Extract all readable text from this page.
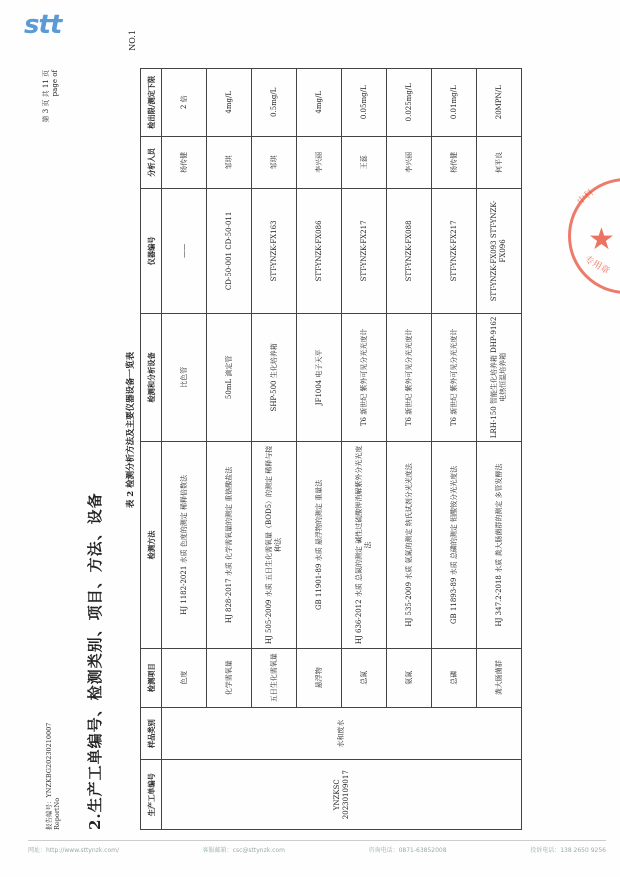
stt
报告编号：YNZKBG20230210007 ReportNo
第 3 页 共 11 页 page of
2.生产工单编号、检测类别、项目、方法、设备
表 2 检测分析方法及主要仪器设备一览表
NO.1
生产工单编号	样品类别	检测项目	检测方法	检测和分析设备	仪器编号	分析人员	检出限/测定下限
YNZKSC 20230109017	水和废水	色度	HJ 1182-2021 水质 色度的测定 稀释倍数法	比色管	——	杨传健	2 倍
		化学需氧量	HJ 828-2017 水质 化学需氧量的测定 重铬酸盐法	50mL 滴定管	CD-50-001 CD-50-011	邹琪	4mg/L
		五日生化需氧量	HJ 505-2009 水质 五日生化需氧量（BOD5）的测定 稀释与接种法	SHP-500 生化培养箱	STT-YNZK-FX163	邹琪	0.5mg/L
		悬浮物	GB 11901-89 水质 悬浮物的测定 重量法	JF1004 电子天平	STT-YNZK-FX086	李兴丽	4mg/L
		总氮	HJ 636-2012 水质 总氮的测定 碱性过硫酸钾消解紫外分光光度法	T6 新世纪 紫外可见分光光度计	STT-YNZK-FX217	王蕊	0.05mg/L
		氨氮	HJ 535-2009 水质 氨氮的测定 纳氏试剂分光光度法	T6 新世纪 紫外可见分光光度计	STT-YNZK-FX088	李兴丽	0.025mg/L
		总磷	GB 11893-89 水质 总磷的测定 钼酸铵分光光度法	T6 新世纪 紫外可见分光光度计	STT-YNZK-FX217	杨传健	0.01mg/L
		粪大肠菌群	HJ 347.2-2018 水质 粪大肠菌群的测定 多管发酵法	LRH-150 智能生化培养箱 DHP-9162 电热恒温培养箱	STT-YNZK-FX093 STT-YNZK-FX096	何平良	20MPN/L
★
中科
专用章
网址：http://www.sttynzk.com/	客服邮箱：csc@sttynzk.com	咨询电话：0871-63852008	投诉电话：138 2650 9256
